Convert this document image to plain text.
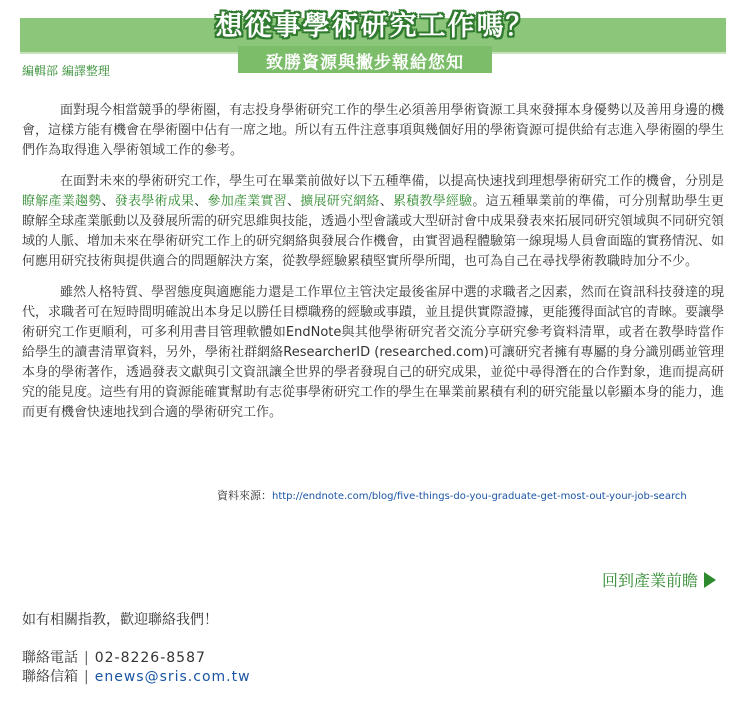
想從事學術研究工作嗎？
致勝資源與撇步報給您知
編輯部 編譯整理

面對現今相當競爭的學術圈，有志投身學術研究工作的學生必須善用學術資源工具來發揮本身優勢以及善用身邊的機會，這樣方能有機會在學術圈中佔有一席之地。所以有五件注意事項與幾個好用的學術資源可提供給有志進入學術圈的學生們作為取得進入學術領域工作的參考。

在面對未來的學術研究工作，學生可在畢業前做好以下五種準備，以提高快速找到理想學術研究工作的機會，分別是瞭解產業趨勢、發表學術成果、參加產業實習、擴展研究網絡、累積教學經驗。這五種畢業前的準備，可分別幫助學生更瞭解全球產業脈動以及發展所需的研究思維與技能，透過小型會議或大型研討會中成果發表來拓展同研究領域與不同研究領域的人脈、增加未來在學術研究工作上的研究網絡與發展合作機會，由實習過程體驗第一線現場人員會面臨的實務情況、如何應用研究技術與提供適合的問題解決方案，從教學經驗累積堅實所學所聞，也可為自己在尋找學術教職時加分不少。

雖然人格特質、學習態度與適應能力還是工作單位主管決定最後雀屏中選的求職者之因素，然而在資訊科技發達的現代，求職者可在短時間明確說出本身足以勝任目標職務的經驗或事蹟，並且提供實際證據，更能獲得面試官的青睞。要讓學術研究工作更順利，可多利用書目管理軟體如EndNote與其他學術研究者交流分享研究參考資料清單，或者在教學時當作給學生的讀書清單資料，另外，學術社群網絡ResearcherID (researched.com)可讓研究者擁有專屬的身分識別碼並管理本身的學術著作，透過發表文獻與引文資訊讓全世界的學者發現自己的研究成果，並從中尋得潛在的合作對象，進而提高研究的能見度。這些有用的資源能確實幫助有志從事學術研究工作的學生在畢業前累積有利的研究能量以彰顯本身的能力，進而更有機會快速地找到合適的學術研究工作。

資料來源：http://endnote.com/blog/five-things-do-you-graduate-get-most-out-your-job-search
回到產業前瞻
如有相關指教，歡迎聯絡我們！
聯絡電話 | 02-8226-8587
聯絡信箱 | enews@sris.com.tw
